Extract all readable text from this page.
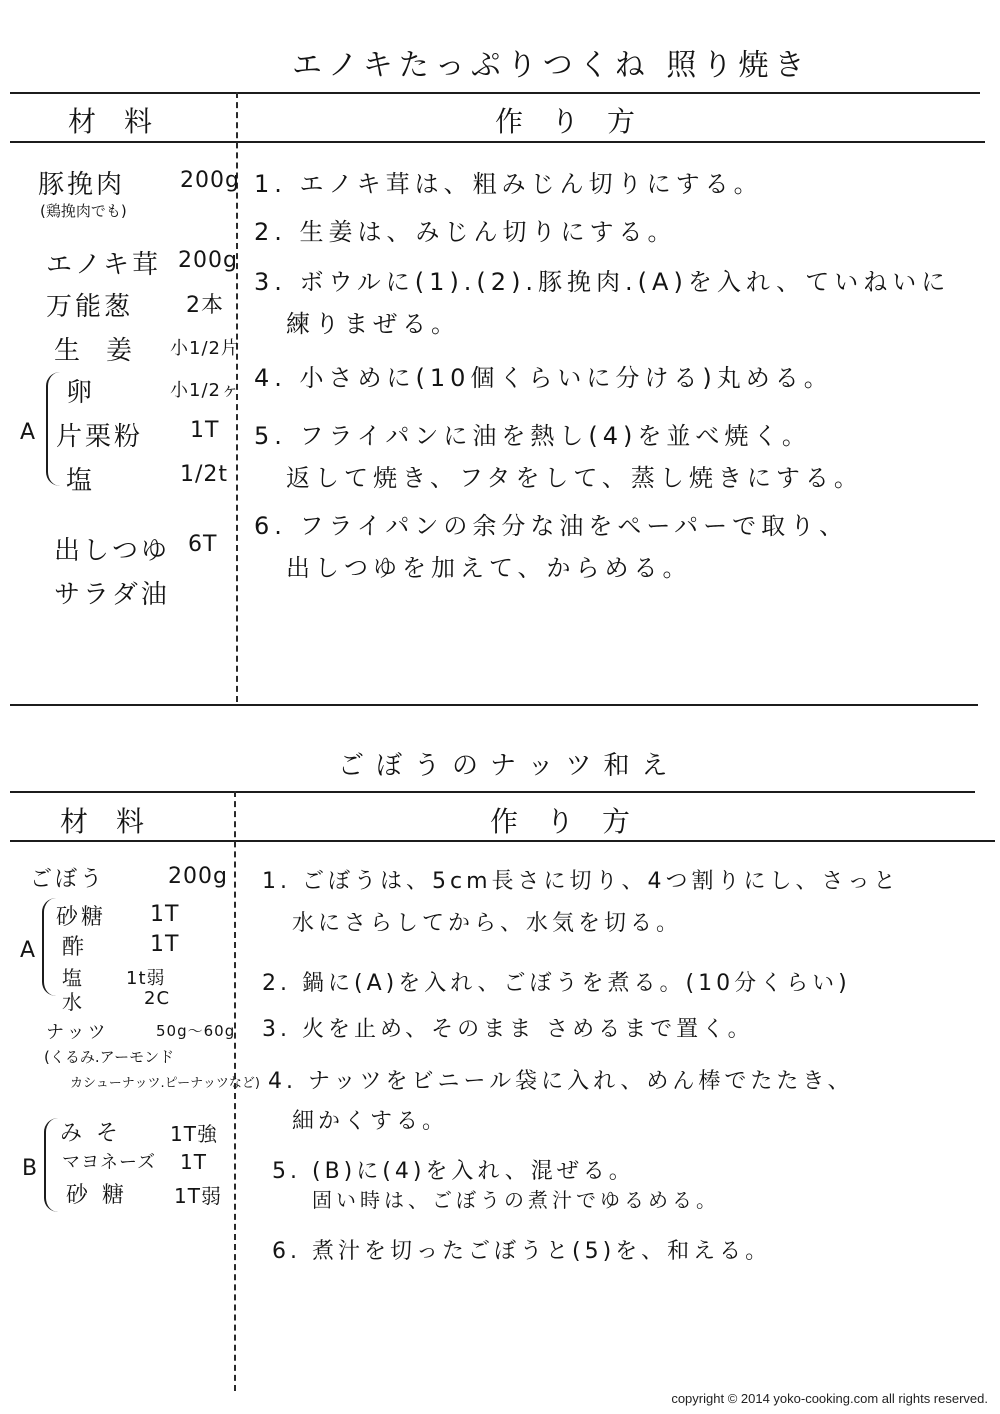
エノキたっぷりつくね 照り焼き
材料	作り方
豚挽肉 200g
(鶏挽肉でも)
エノキ茸 200g
万能葱 2本
生姜 小1/2片
A
卵	小1/2ヶ
片栗粉 1T
塩	1/2t
出しつゆ 6T
サラダ油
1. エノキ茸は、粗みじん切りにする。
2. 生姜は、みじん切りにする。
3. ボウルに(1).(2).豚挽肉.(A)を入れ、ていねいに
練りまぜる。
4. 小さめに(10個くらいに分ける)丸める。
5. フライパンに油を熱し(4)を並べ焼く。
返して焼き、フタをして、蒸し焼きにする。
6. フライパンの余分な油をペーパーで取り、
出しつゆを加えて、からめる。
ごぼうのナッツ和え
材料	作り方
ごぼう	200g
A
砂糖 1T
酢	1T
塩 1t弱
水	2C
ナッツ	50g〜60g
(くるみ.アーモンド
カシューナッツ.ピーナッツなど)
B
みそ 1T強
マヨネーズ 1T
砂糖 1T弱
1. ごぼうは、5cm長さに切り、4つ割りにし、さっと
水にさらしてから、水気を切る。
2. 鍋に(A)を入れ、ごぼうを煮る。(10分くらい)
3. 火を止め、そのまま さめるまで置く。
4. ナッツをビニール袋に入れ、めん棒でたたき、
細かくする。
5. (B)に(4)を入れ、混ぜる。
固い時は、ごぼうの煮汁でゆるめる。
6. 煮汁を切ったごぼうと(5)を、和える。
copyright © 2014 yoko-cooking.com all rights reserved.
